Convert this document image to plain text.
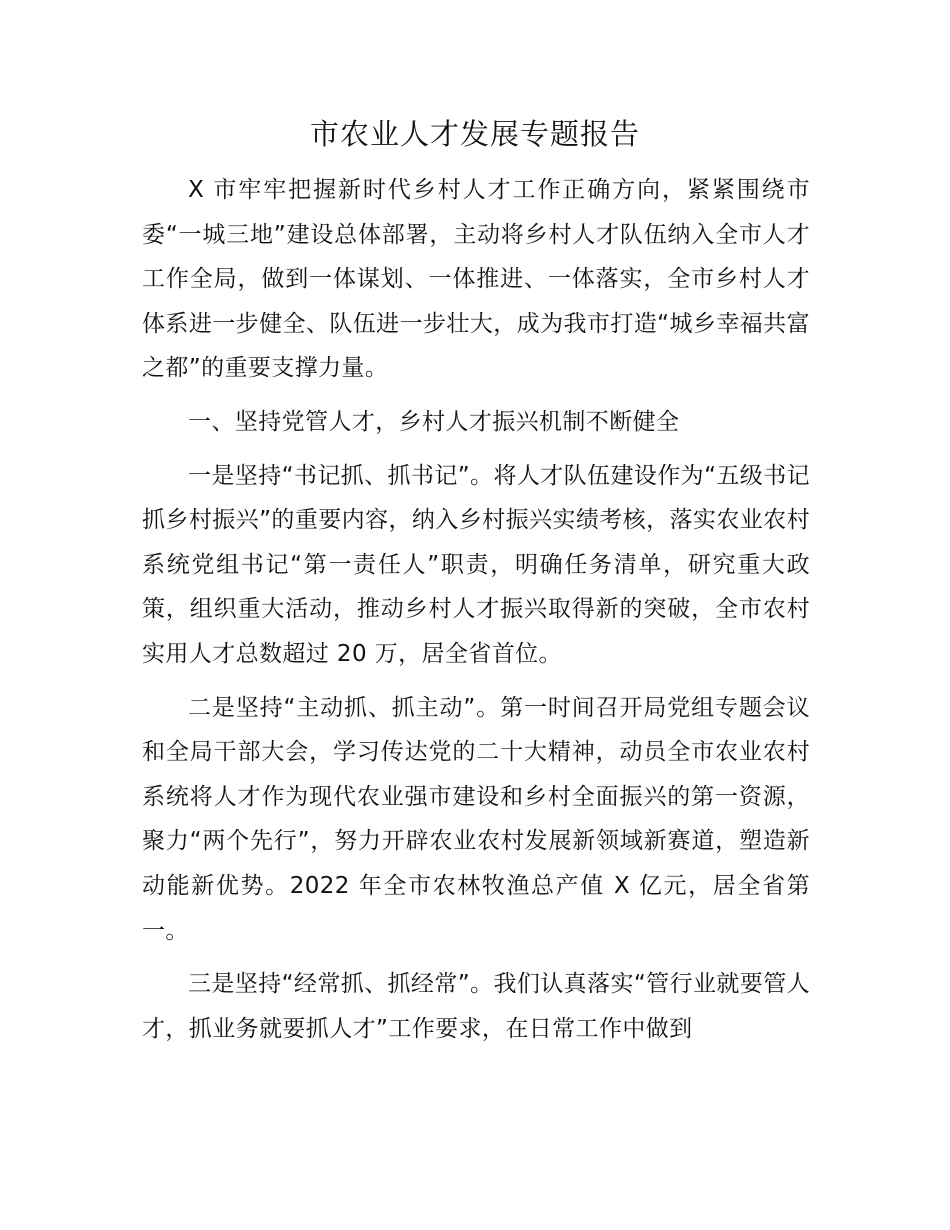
市农业人才发展专题报告

X 市牢牢把握新时代乡村人才工作正确方向，紧紧围绕市委“一城三地”建设总体部署，主动将乡村人才队伍纳入全市人才工作全局，做到一体谋划、一体推进、一体落实，全市乡村人才体系进一步健全、队伍进一步壮大，成为我市打造“城乡幸福共富之都”的重要支撑力量。

一、坚持党管人才，乡村人才振兴机制不断健全

一是坚持“书记抓、抓书记”。将人才队伍建设作为“五级书记抓乡村振兴”的重要内容，纳入乡村振兴实绩考核，落实农业农村系统党组书记“第一责任人”职责，明确任务清单，研究重大政策，组织重大活动，推动乡村人才振兴取得新的突破，全市农村实用人才总数超过 20 万，居全省首位。

二是坚持“主动抓、抓主动”。第一时间召开局党组专题会议和全局干部大会，学习传达党的二十大精神，动员全市农业农村系统将人才作为现代农业强市建设和乡村全面振兴的第一资源，聚力“两个先行”，努力开辟农业农村发展新领域新赛道，塑造新动能新优势。2022 年全市农林牧渔总产值 X 亿元，居全省第一。

三是坚持“经常抓、抓经常”。我们认真落实“管行业就要管人才，抓业务就要抓人才”工作要求，在日常工作中做到
